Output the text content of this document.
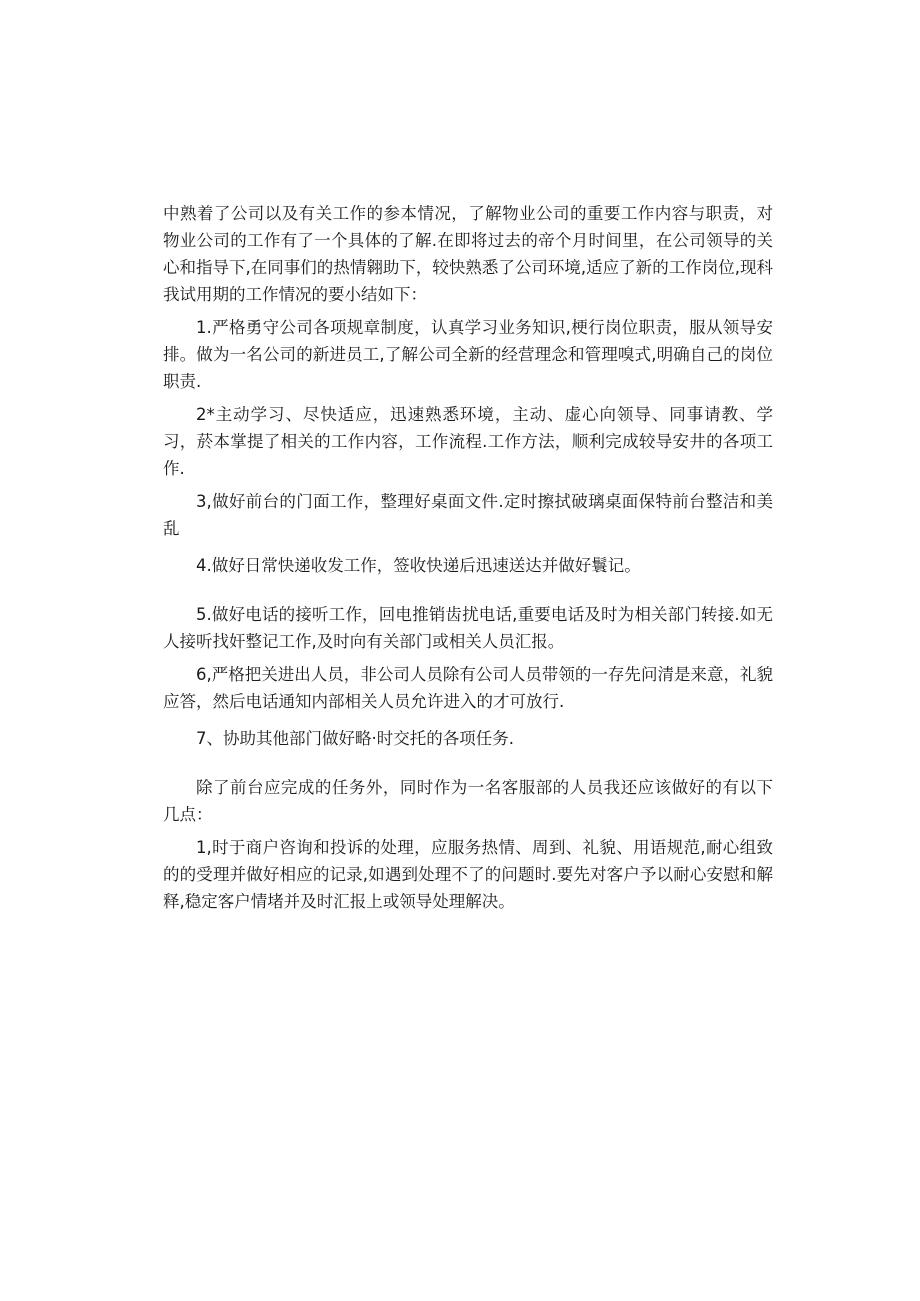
中熟着了公司以及有关工作的参本情况，了解物业公司的重要工作内容与职责，对物业公司的工作有了一个具体的了解.在即将过去的帝个月时间里，在公司领导的关心和指导下,在同事们的热情翱助下，较快熟悉了公司环境,适应了新的工作岗位,现科我试用期的工作情况的要小结如下：

1.严格勇守公司各项规章制度，认真学习业务知识,梗行岗位职责，服从领导安排。做为一名公司的新进员工,了解公司全新的经营理念和管理嗅式,明确自己的岗位职责.

2*主动学习、尽快适应，迅速熟悉环境，主动、虚心向领导、同事请教、学习，菸本掌提了相关的工作内容，工作流程.工作方法，顺利完成较导安井的各项工作.

3,做好前台的门面工作，整理好桌面文件.定时擦拭破璃桌面保特前台整洁和美乱

4.做好日常快递收发工作，签收快递后迅速送达并做好鬟记。

5.做好电话的接听工作，回电推销齿扰电话,重要电话及时为相关部门转接.如无人接听找奸整记工作,及时向有关部门或相关人员汇报。

6,严格把关进出人员，非公司人员除有公司人员带领的一存先问清是来意，礼貌应答，然后电话通知内部相关人员允许进入的才可放行.

7、协助其他部门做好略·时交托的各项任务.

除了前台应完成的任务外，同时作为一名客服部的人员我还应该做好的有以下几点：

1,时于商户咨询和投诉的处理，应服务热情、周到、礼貌、用语规范,耐心组致的的受理并做好相应的记录,如遇到处理不了的问题时.要先对客户予以耐心安慰和解释,稳定客户情堵并及时汇报上或领导处理解决。
